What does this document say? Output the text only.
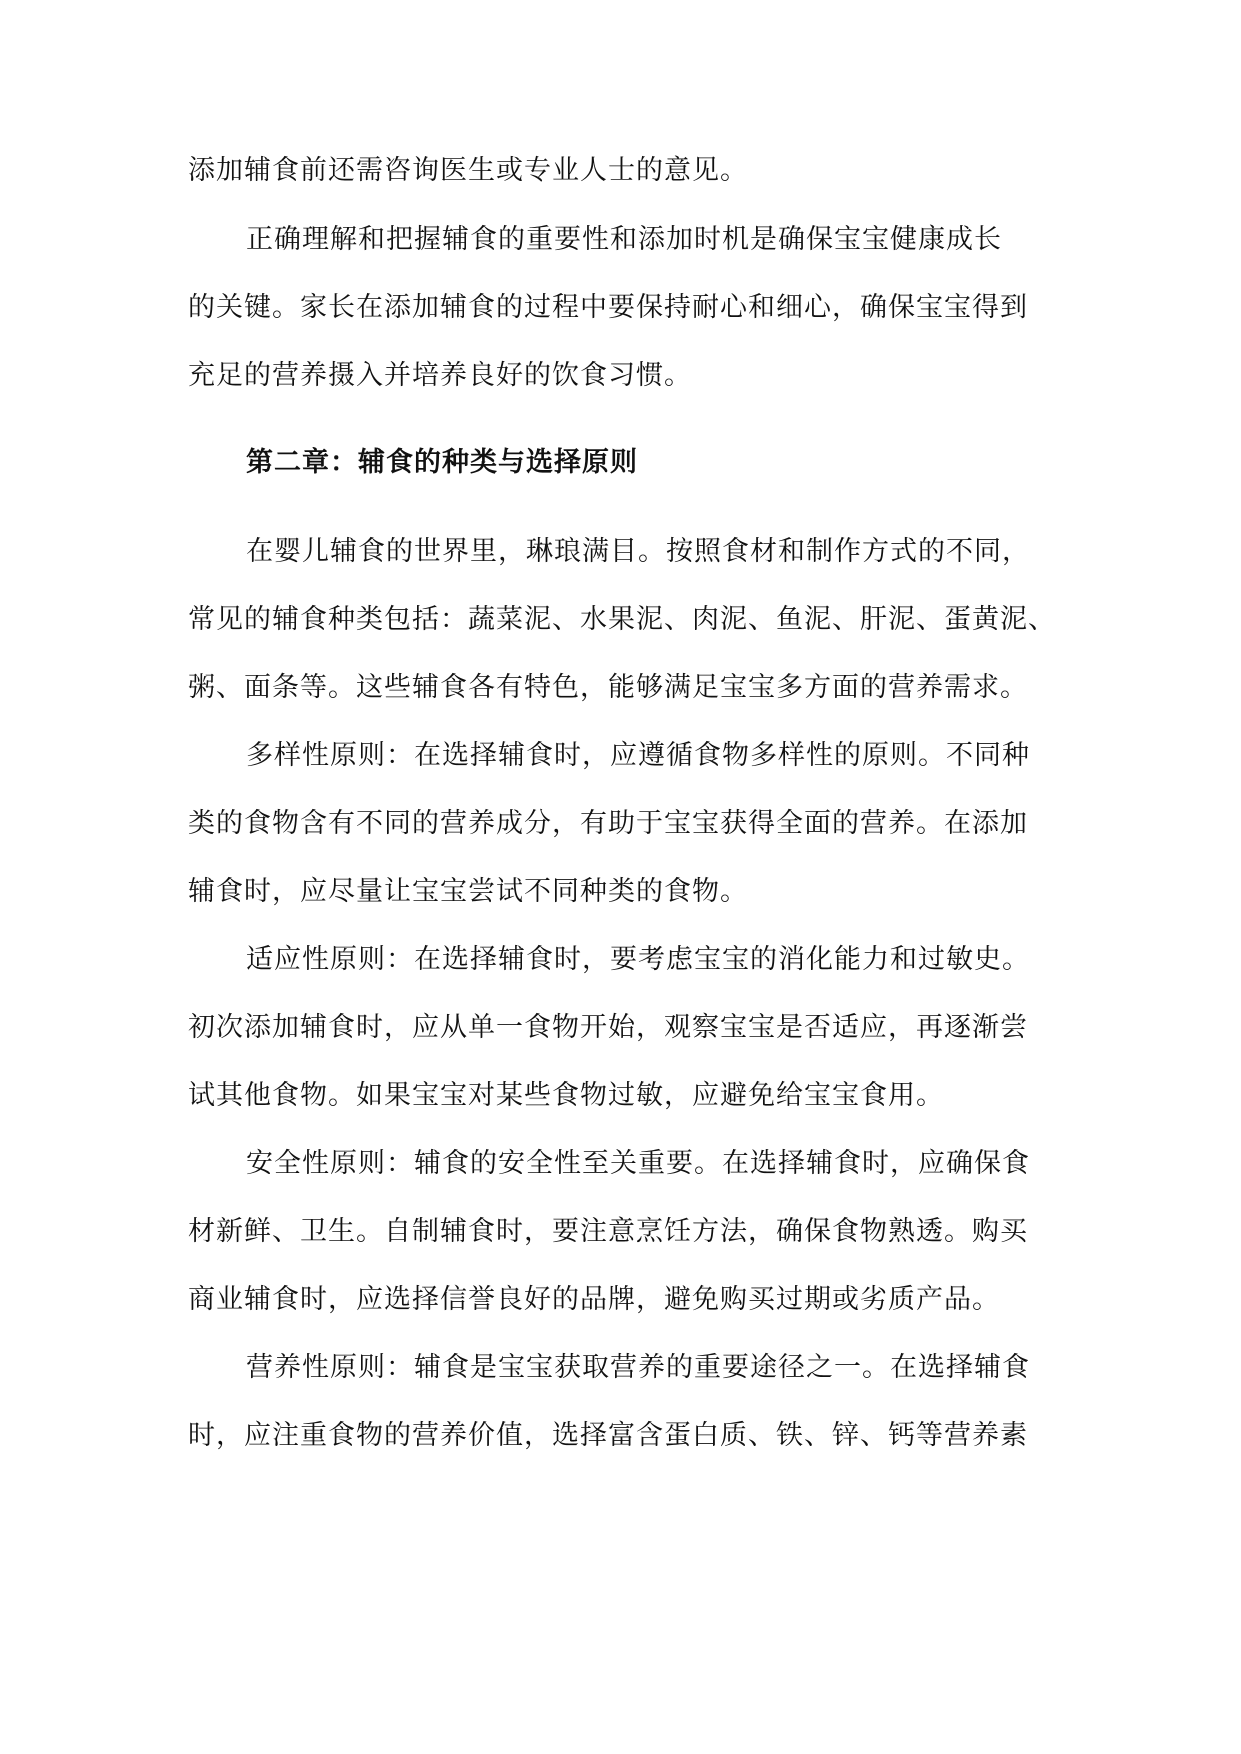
添加辅食前还需咨询医生或专业人士的意见。
正确理解和把握辅食的重要性和添加时机是确保宝宝健康成长
的关键。家长在添加辅食的过程中要保持耐心和细心，确保宝宝得到
充足的营养摄入并培养良好的饮食习惯。
在婴儿辅食的世界里，琳琅满目。按照食材和制作方式的不同，
常见的辅食种类包括：蔬菜泥、水果泥、肉泥、鱼泥、肝泥、蛋黄泥、
粥、面条等。这些辅食各有特色，能够满足宝宝多方面的营养需求。
多样性原则：在选择辅食时，应遵循食物多样性的原则。不同种
类的食物含有不同的营养成分，有助于宝宝获得全面的营养。在添加
辅食时，应尽量让宝宝尝试不同种类的食物。
适应性原则：在选择辅食时，要考虑宝宝的消化能力和过敏史。
初次添加辅食时，应从单一食物开始，观察宝宝是否适应，再逐渐尝
试其他食物。如果宝宝对某些食物过敏，应避免给宝宝食用。
安全性原则：辅食的安全性至关重要。在选择辅食时，应确保食
材新鲜、卫生。自制辅食时，要注意烹饪方法，确保食物熟透。购买
商业辅食时，应选择信誉良好的品牌，避免购买过期或劣质产品。
营养性原则：辅食是宝宝获取营养的重要途径之一。在选择辅食
时，应注重食物的营养价值，选择富含蛋白质、铁、锌、钙等营养素
第二章：辅食的种类与选择原则
